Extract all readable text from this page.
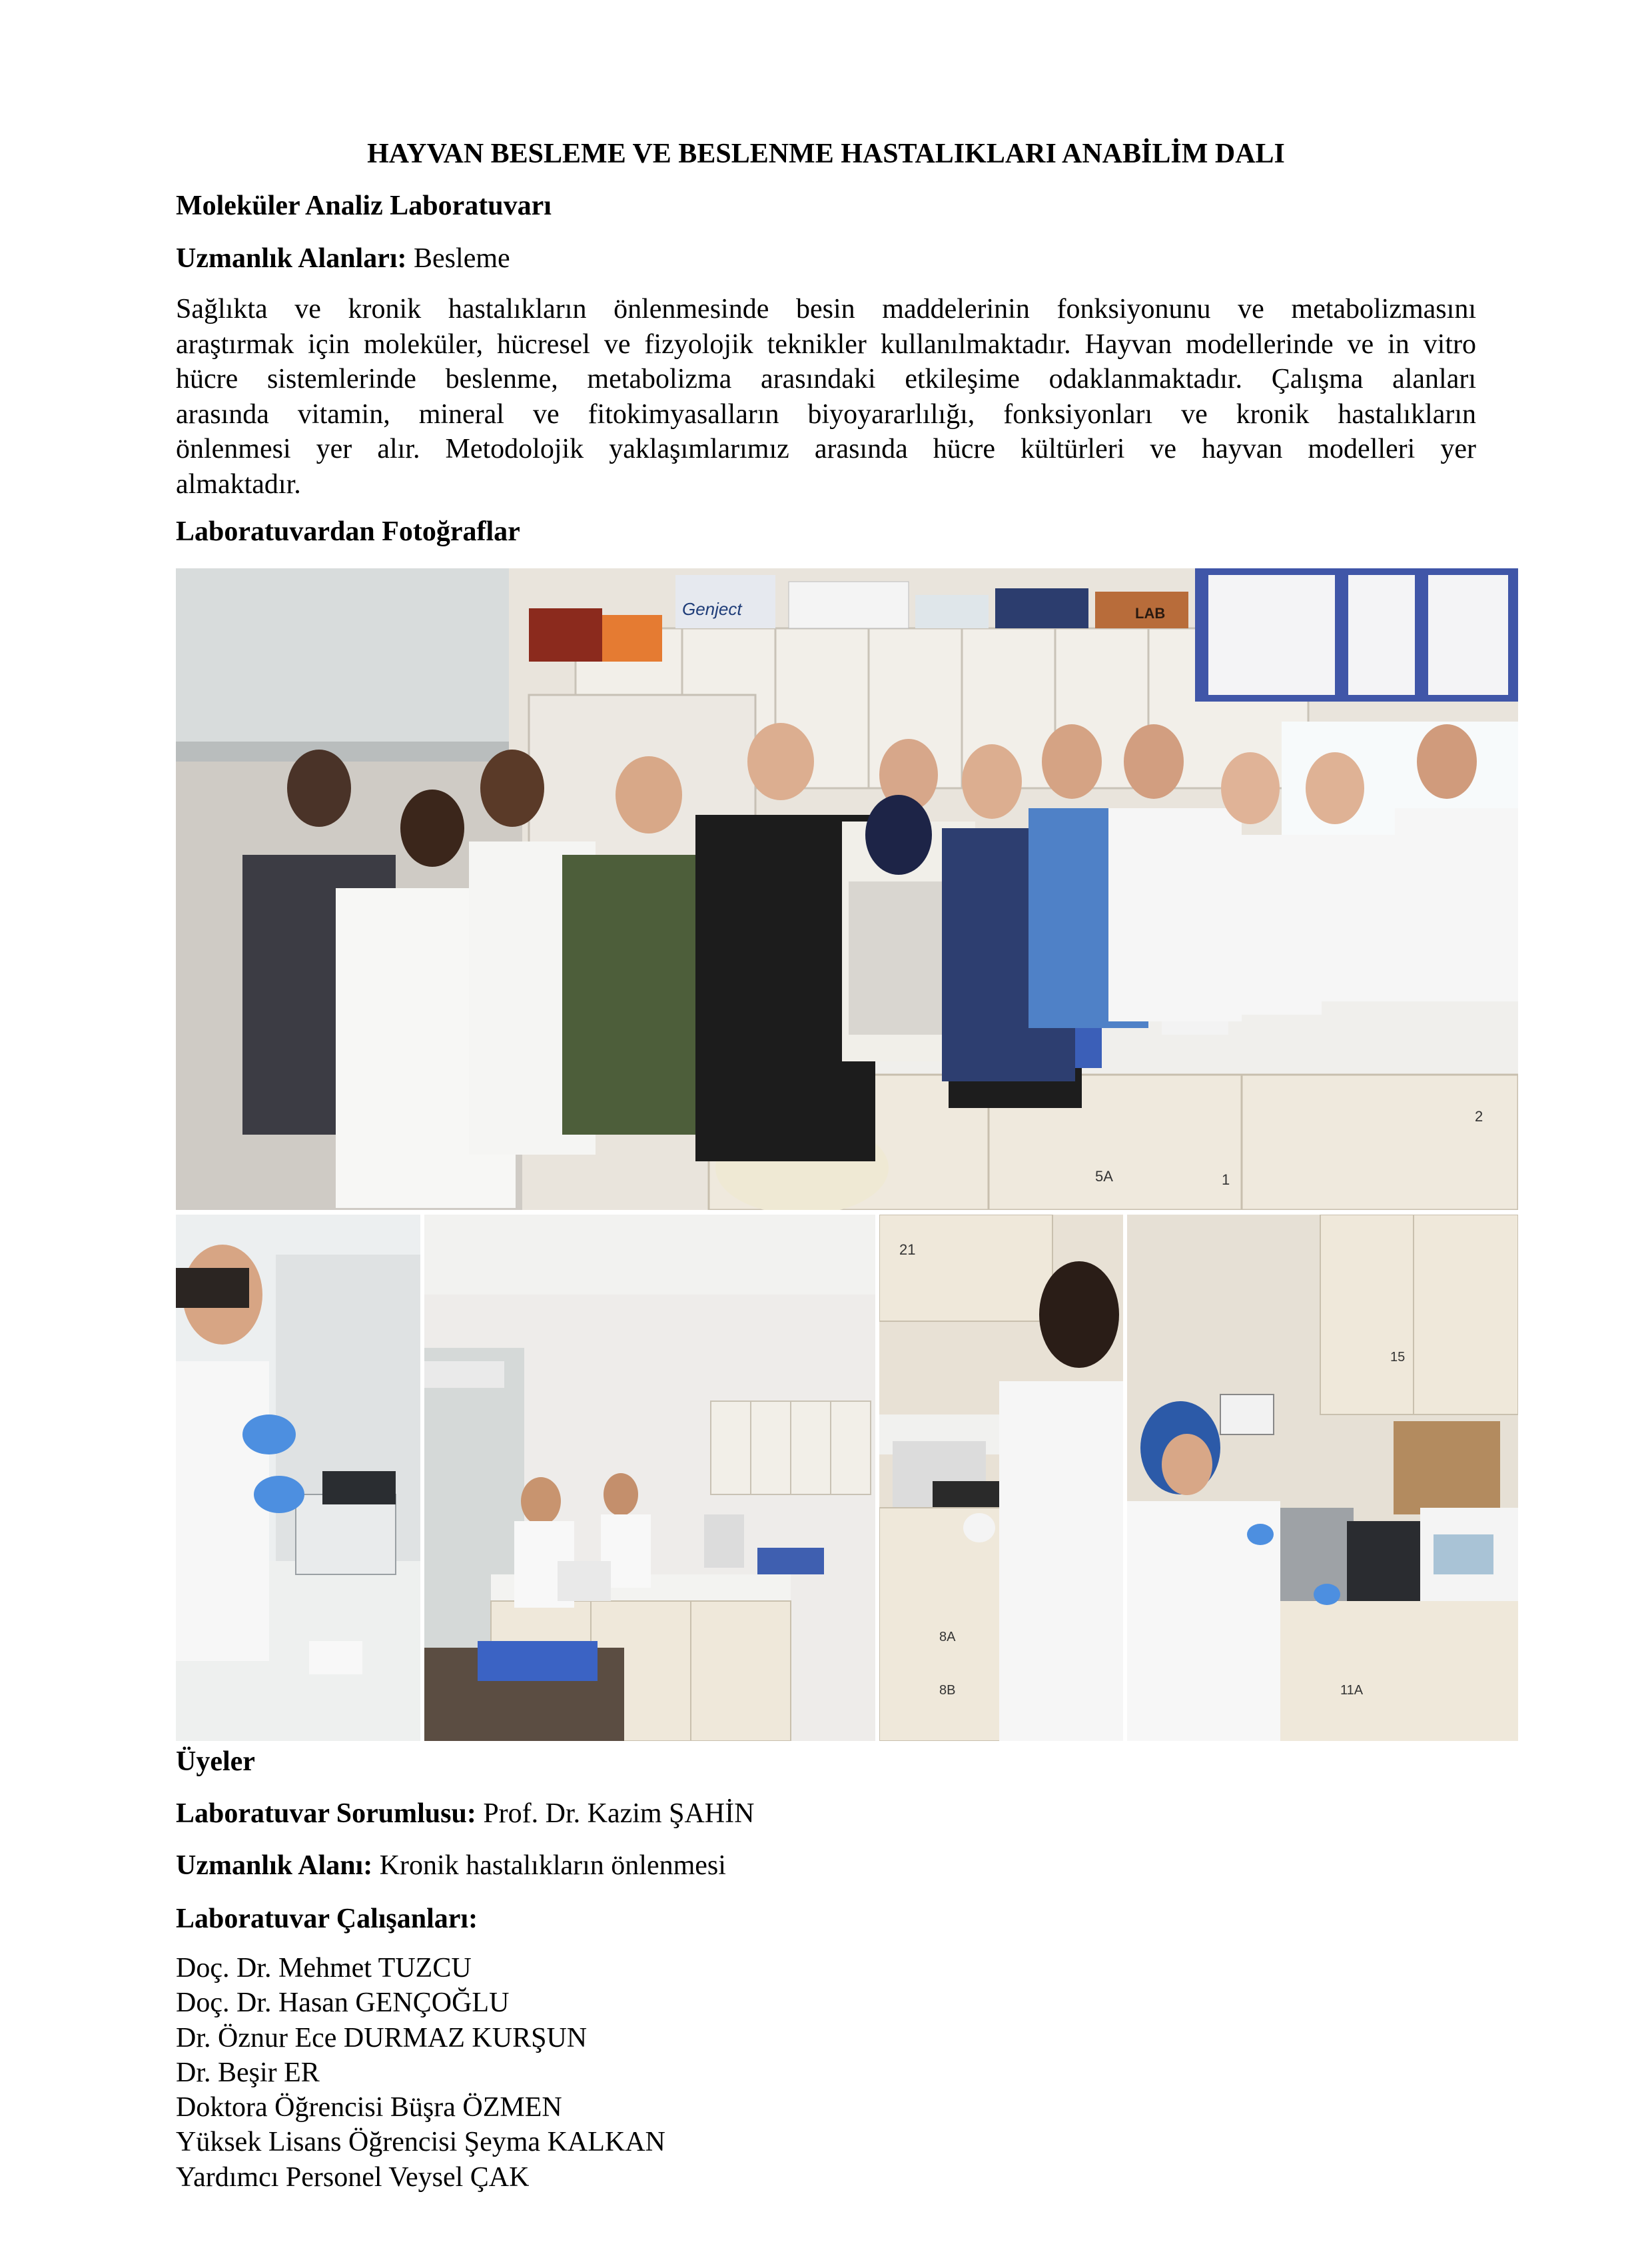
HAYVAN BESLEME VE BESLENME HASTALIKLARI ANABİLİM DALI
Moleküler Analiz Laboratuvarı
Uzmanlık Alanları: Besleme
Sağlıkta ve kronik hastalıkların önlenmesinde besin maddelerinin fonksiyonunu ve metabolizmasını
araştırmak için moleküler, hücresel ve fizyolojik teknikler kullanılmaktadır. Hayvan modellerinde ve in vitro
hücre sistemlerinde beslenme, metabolizma arasındaki etkileşime odaklanmaktadır. Çalışma alanları
arasında vitamin, mineral ve fitokimyasalların biyoyararlılığı, fonksiyonları ve kronik hastalıkların
önlenmesi yer alır. Metodolojik yaklaşımlarımız arasında hücre kültürleri ve hayvan modelleri yer
almaktadır.
Laboratuvardan Fotoğraflar
Genject	LAB
5A	1
2
21
8A
8B
15
11A
Üyeler
Laboratuvar Sorumlusu: Prof. Dr. Kazim ŞAHİN
Uzmanlık Alanı: Kronik hastalıkların önlenmesi
Laboratuvar Çalışanları:
Doç. Dr. Mehmet TUZCU
Doç. Dr. Hasan GENÇOĞLU
Dr. Öznur Ece DURMAZ KURŞUN
Dr. Beşir ER
Doktora Öğrencisi Büşra ÖZMEN
Yüksek Lisans Öğrencisi Şeyma KALKAN
Yardımcı Personel Veysel ÇAK
